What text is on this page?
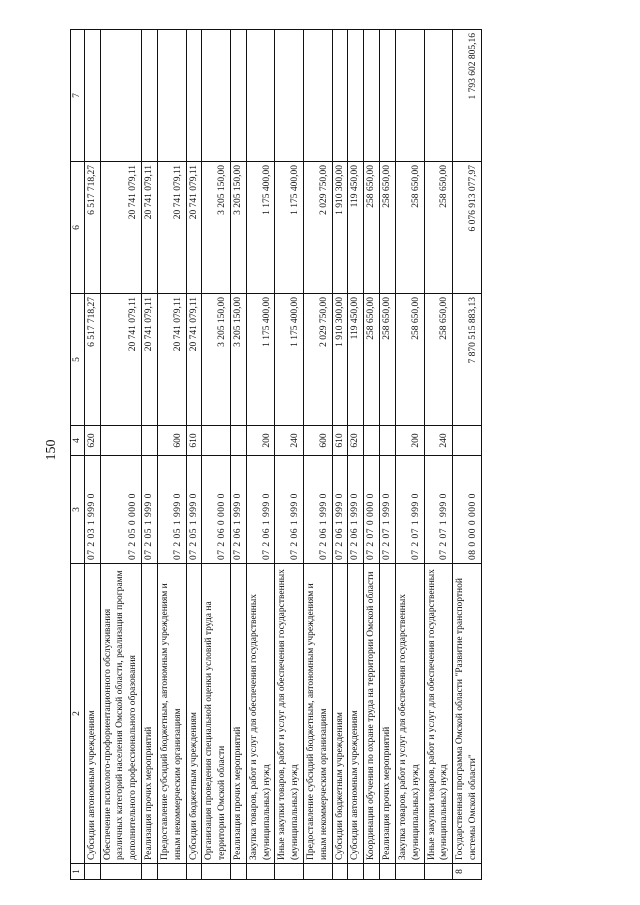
150
1	2	3	4	5	6	7
	Субсидии автономным учреждениям	07 2 03 1 999 0	620	6 517 718,27	6 517 718,27	
	Обеспечение психолого-профориентационного обслуживания различных категорий населения Омской области, реализация программ дополнительного профессионального образования	07 2 05 0 000 0		20 741 079,11	20 741 079,11	
	Реализация прочих мероприятий	07 2 05 1 999 0		20 741 079,11	20 741 079,11	
	Предоставление субсидий бюджетным, автономным учреждениям и иным некоммерческим организациям	07 2 05 1 999 0	600	20 741 079,11	20 741 079,11	
	Субсидии бюджетным учреждениям	07 2 05 1 999 0	610	20 741 079,11	20 741 079,11	
	Организация проведения специальной оценки условий труда на территории Омской области	07 2 06 0 000 0		3 205 150,00	3 205 150,00	
	Реализация прочих мероприятий	07 2 06 1 999 0		3 205 150,00	3 205 150,00	
	Закупка товаров, работ и услуг для обеспечения государственных (муниципальных) нужд	07 2 06 1 999 0	200	1 175 400,00	1 175 400,00	
	Иные закупки товаров, работ и услуг для обеспечения государственных (муниципальных) нужд	07 2 06 1 999 0	240	1 175 400,00	1 175 400,00	
	Предоставление субсидий бюджетным, автономным учреждениям и иным некоммерческим организациям	07 2 06 1 999 0	600	2 029 750,00	2 029 750,00	
	Субсидии бюджетным учреждениям	07 2 06 1 999 0	610	1 910 300,00	1 910 300,00	
	Субсидии автономным учреждениям	07 2 06 1 999 0	620	119 450,00	119 450,00	
	Координация обучения по охране труда на территории Омской области	07 2 07 0 000 0		258 650,00	258 650,00	
	Реализация прочих мероприятий	07 2 07 1 999 0		258 650,00	258 650,00	
	Закупка товаров, работ и услуг для обеспечения государственных (муниципальных) нужд	07 2 07 1 999 0	200	258 650,00	258 650,00	
	Иные закупки товаров, работ и услуг для обеспечения государственных (муниципальных) нужд	07 2 07 1 999 0	240	258 650,00	258 650,00	
8	Государственная программа Омской области "Развитие транспортной системы Омской области"	08 0 00 0 000 0		7 870 515 883,13	6 076 913 077,97	1 793 602 805,16
